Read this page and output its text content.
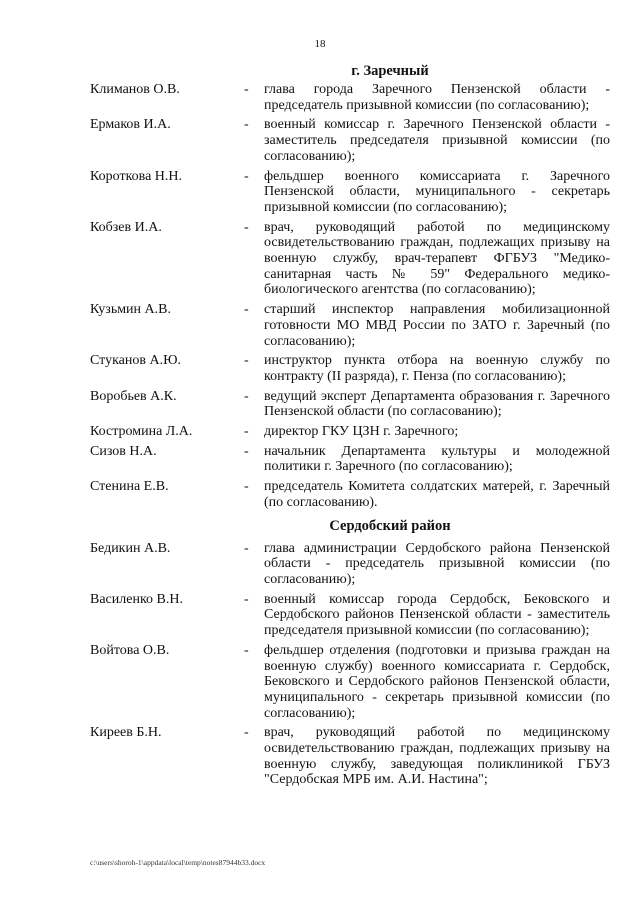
18
г. Заречный
Климанов О.В.	-	глава города Заречного Пензенской области - председатель призывной комиссии (по согласованию);
Ермаков И.А.	-	военный комиссар г. Заречного Пензенской области - заместитель председателя призывной комиссии (по согласованию);
Короткова Н.Н.	-	фельдшер военного комиссариата г. Заречного Пензенской области, муниципального - секретарь призывной комиссии (по согласованию);
Кобзев И.А.	-	врач, руководящий работой по медицинскому освидетельствованию граждан, подлежащих призыву на военную службу, врач-терапевт ФГБУЗ "Медико-санитарная часть № 59" Федерального медико-биологического агентства (по согласованию);
Кузьмин А.В.	-	старший инспектор направления мобилизационной готовности МО МВД России по ЗАТО г. Заречный (по согласованию);
Стуканов А.Ю.	-	инструктор пункта отбора на военную службу по контракту (II разряда), г. Пенза (по согласованию);
Воробьев А.К.	-	ведущий эксперт Департамента образования г. Заречного Пензенской области (по согласованию);
Костромина Л.А.	-	директор ГКУ ЦЗН г. Заречного;
Сизов Н.А.	-	начальник Департамента культуры и молодежной политики г. Заречного (по согласованию);
Стенина Е.В.	-	председатель Комитета солдатских матерей, г. Заречный (по согласованию).
Сердобский район
Бедикин А.В.	-	глава администрации Сердобского района Пензенской области - председатель призывной комиссии (по согласованию);
Василенко В.Н.	-	военный комиссар города Сердобск, Бековского и Сердобского районов Пензенской области - заместитель председателя призывной комиссии (по согласованию);
Войтова О.В.	-	фельдшер отделения (подготовки и призыва граждан на военную службу) военного комиссариата г. Сердобск, Бековского и Сердобского районов Пензенской области, муниципального - секретарь призывной комиссии (по согласованию);
Киреев Б.Н.	-	врач, руководящий работой по медицинскому освидетельствованию граждан, подлежащих призыву на военную службу, заведующая поликлиникой ГБУЗ "Сердобская МРБ им. А.И. Настина";
c:\users\shoroh-1\appdata\local\temp\notes87944b33.docx
